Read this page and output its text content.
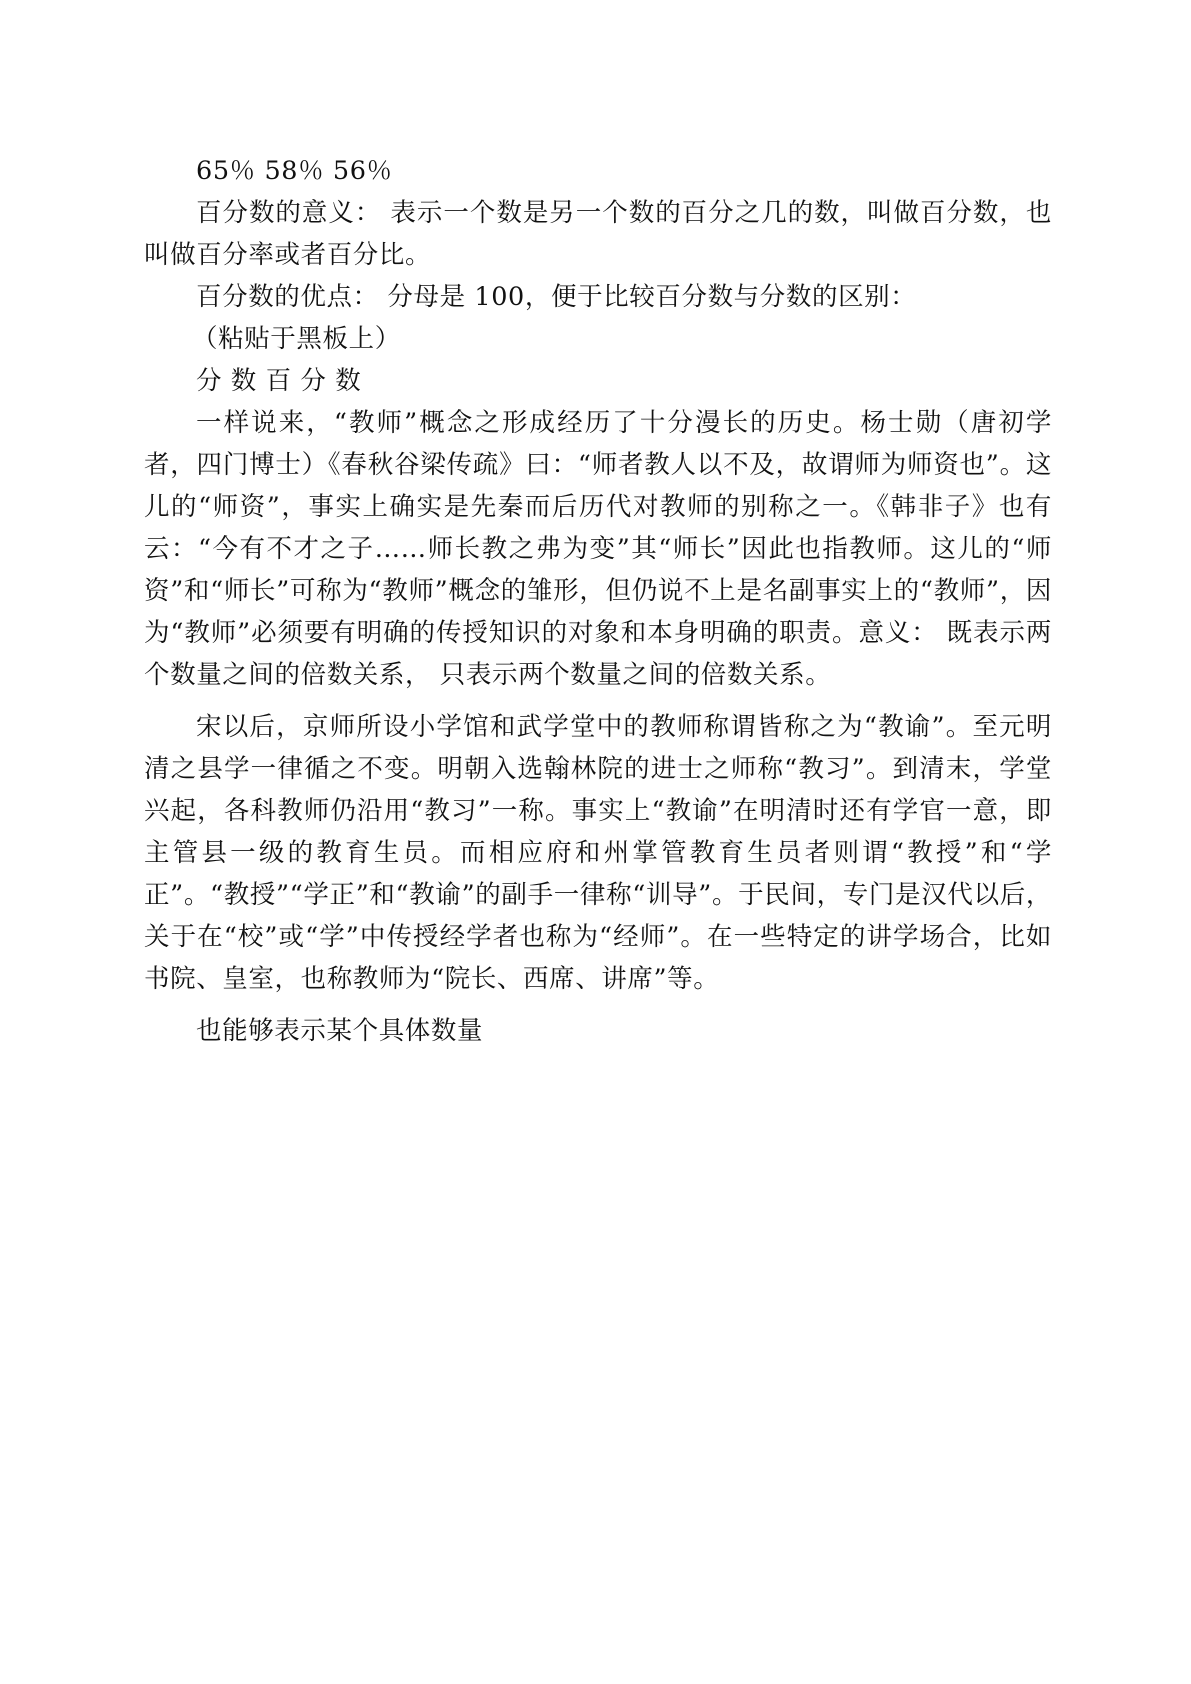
65％ 58％ 56％

百分数的意义： 表示一个数是另一个数的百分之几的数，叫做百分数，也叫做百分率或者百分比。

百分数的优点： 分母是 100，便于比较百分数与分数的区别：

（粘贴于黑板上）

分 数 百 分 数

一样说来，“教师”概念之形成经历了十分漫长的历史。杨士勋（唐初学者，四门博士）《春秋谷梁传疏》曰：“师者教人以不及，故谓师为师资也”。这儿的“师资”，事实上确实是先秦而后历代对教师的别称之一。《韩非子》也有云：“今有不才之子……师长教之弗为变”其“师长”因此也指教师。这儿的“师资”和“师长”可称为“教师”概念的雏形，但仍说不上是名副事实上的“教师”，因为“教师”必须要有明确的传授知识的对象和本身明确的职责。意义： 既表示两个数量之间的倍数关系， 只表示两个数量之间的倍数关系。

宋以后，京师所设小学馆和武学堂中的教师称谓皆称之为“教谕”。至元明清之县学一律循之不变。明朝入选翰林院的进士之师称“教习”。到清末，学堂兴起，各科教师仍沿用“教习”一称。事实上“教谕”在明清时还有学官一意，即主管县一级的教育生员。而相应府和州掌管教育生员者则谓“教授”和“学正”。“教授”“学正”和“教谕”的副手一律称“训导”。于民间，专门是汉代以后，关于在“校”或“学”中传授经学者也称为“经师”。在一些特定的讲学场合，比如书院、皇室，也称教师为“院长、西席、讲席”等。

也能够表示某个具体数量
